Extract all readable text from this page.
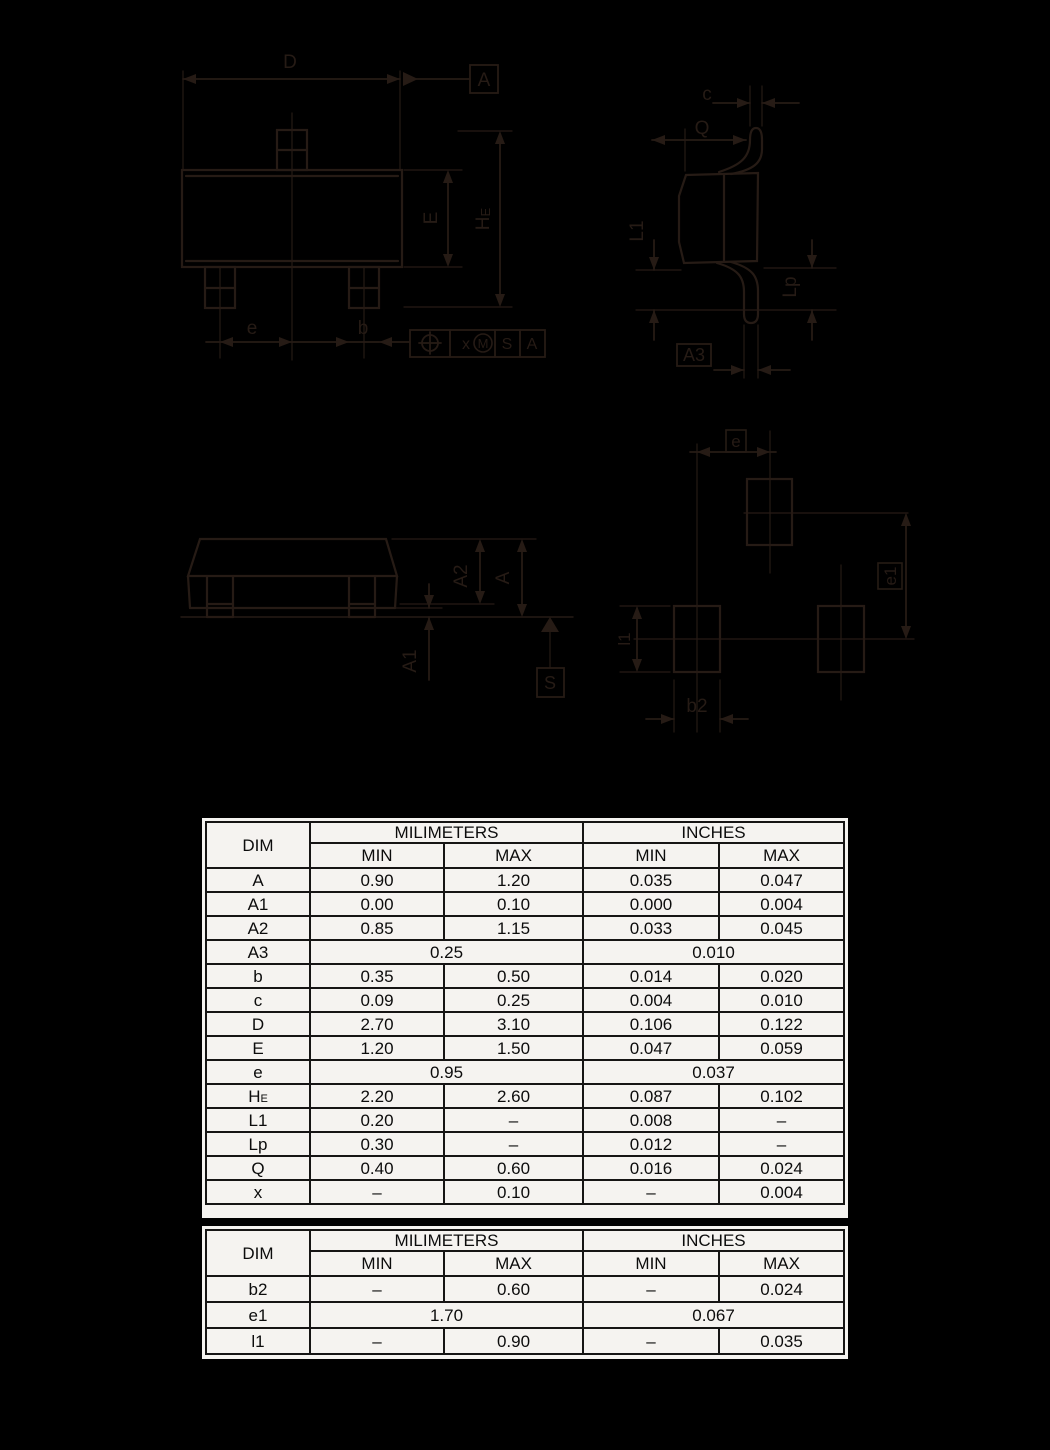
D
A
e	b
x M S A
E HE
c
Q
L1
Lp
A3
A2 A
A1
S
e
e1
l1
b2
DIM	MILIMETERS		INCHES	
	MIN	MAX	MIN	MAX
A	0.90	1.20	0.035	0.047
A1	0.00	0.10	0.000	0.004
A2	0.85	1.15	0.033	0.045
A3	0.25		0.010	
b	0.35	0.50	0.014	0.020
c	0.09	0.25	0.004	0.010
D	2.70	3.10	0.106	0.122
E	1.20	1.50	0.047	0.059
e	0.95		0.037	
HE	2.20	2.60	0.087	0.102
L1	0.20	–	0.008	–
Lp	0.30	–	0.012	–
Q	0.40	0.60	0.016	0.024
x	–	0.10	–	0.004
DIM	MILIMETERS		INCHES	
	MIN	MAX	MIN	MAX
b2	–	0.60	–	0.024
e1	1.70		0.067	
l1	–	0.90	–	0.035
